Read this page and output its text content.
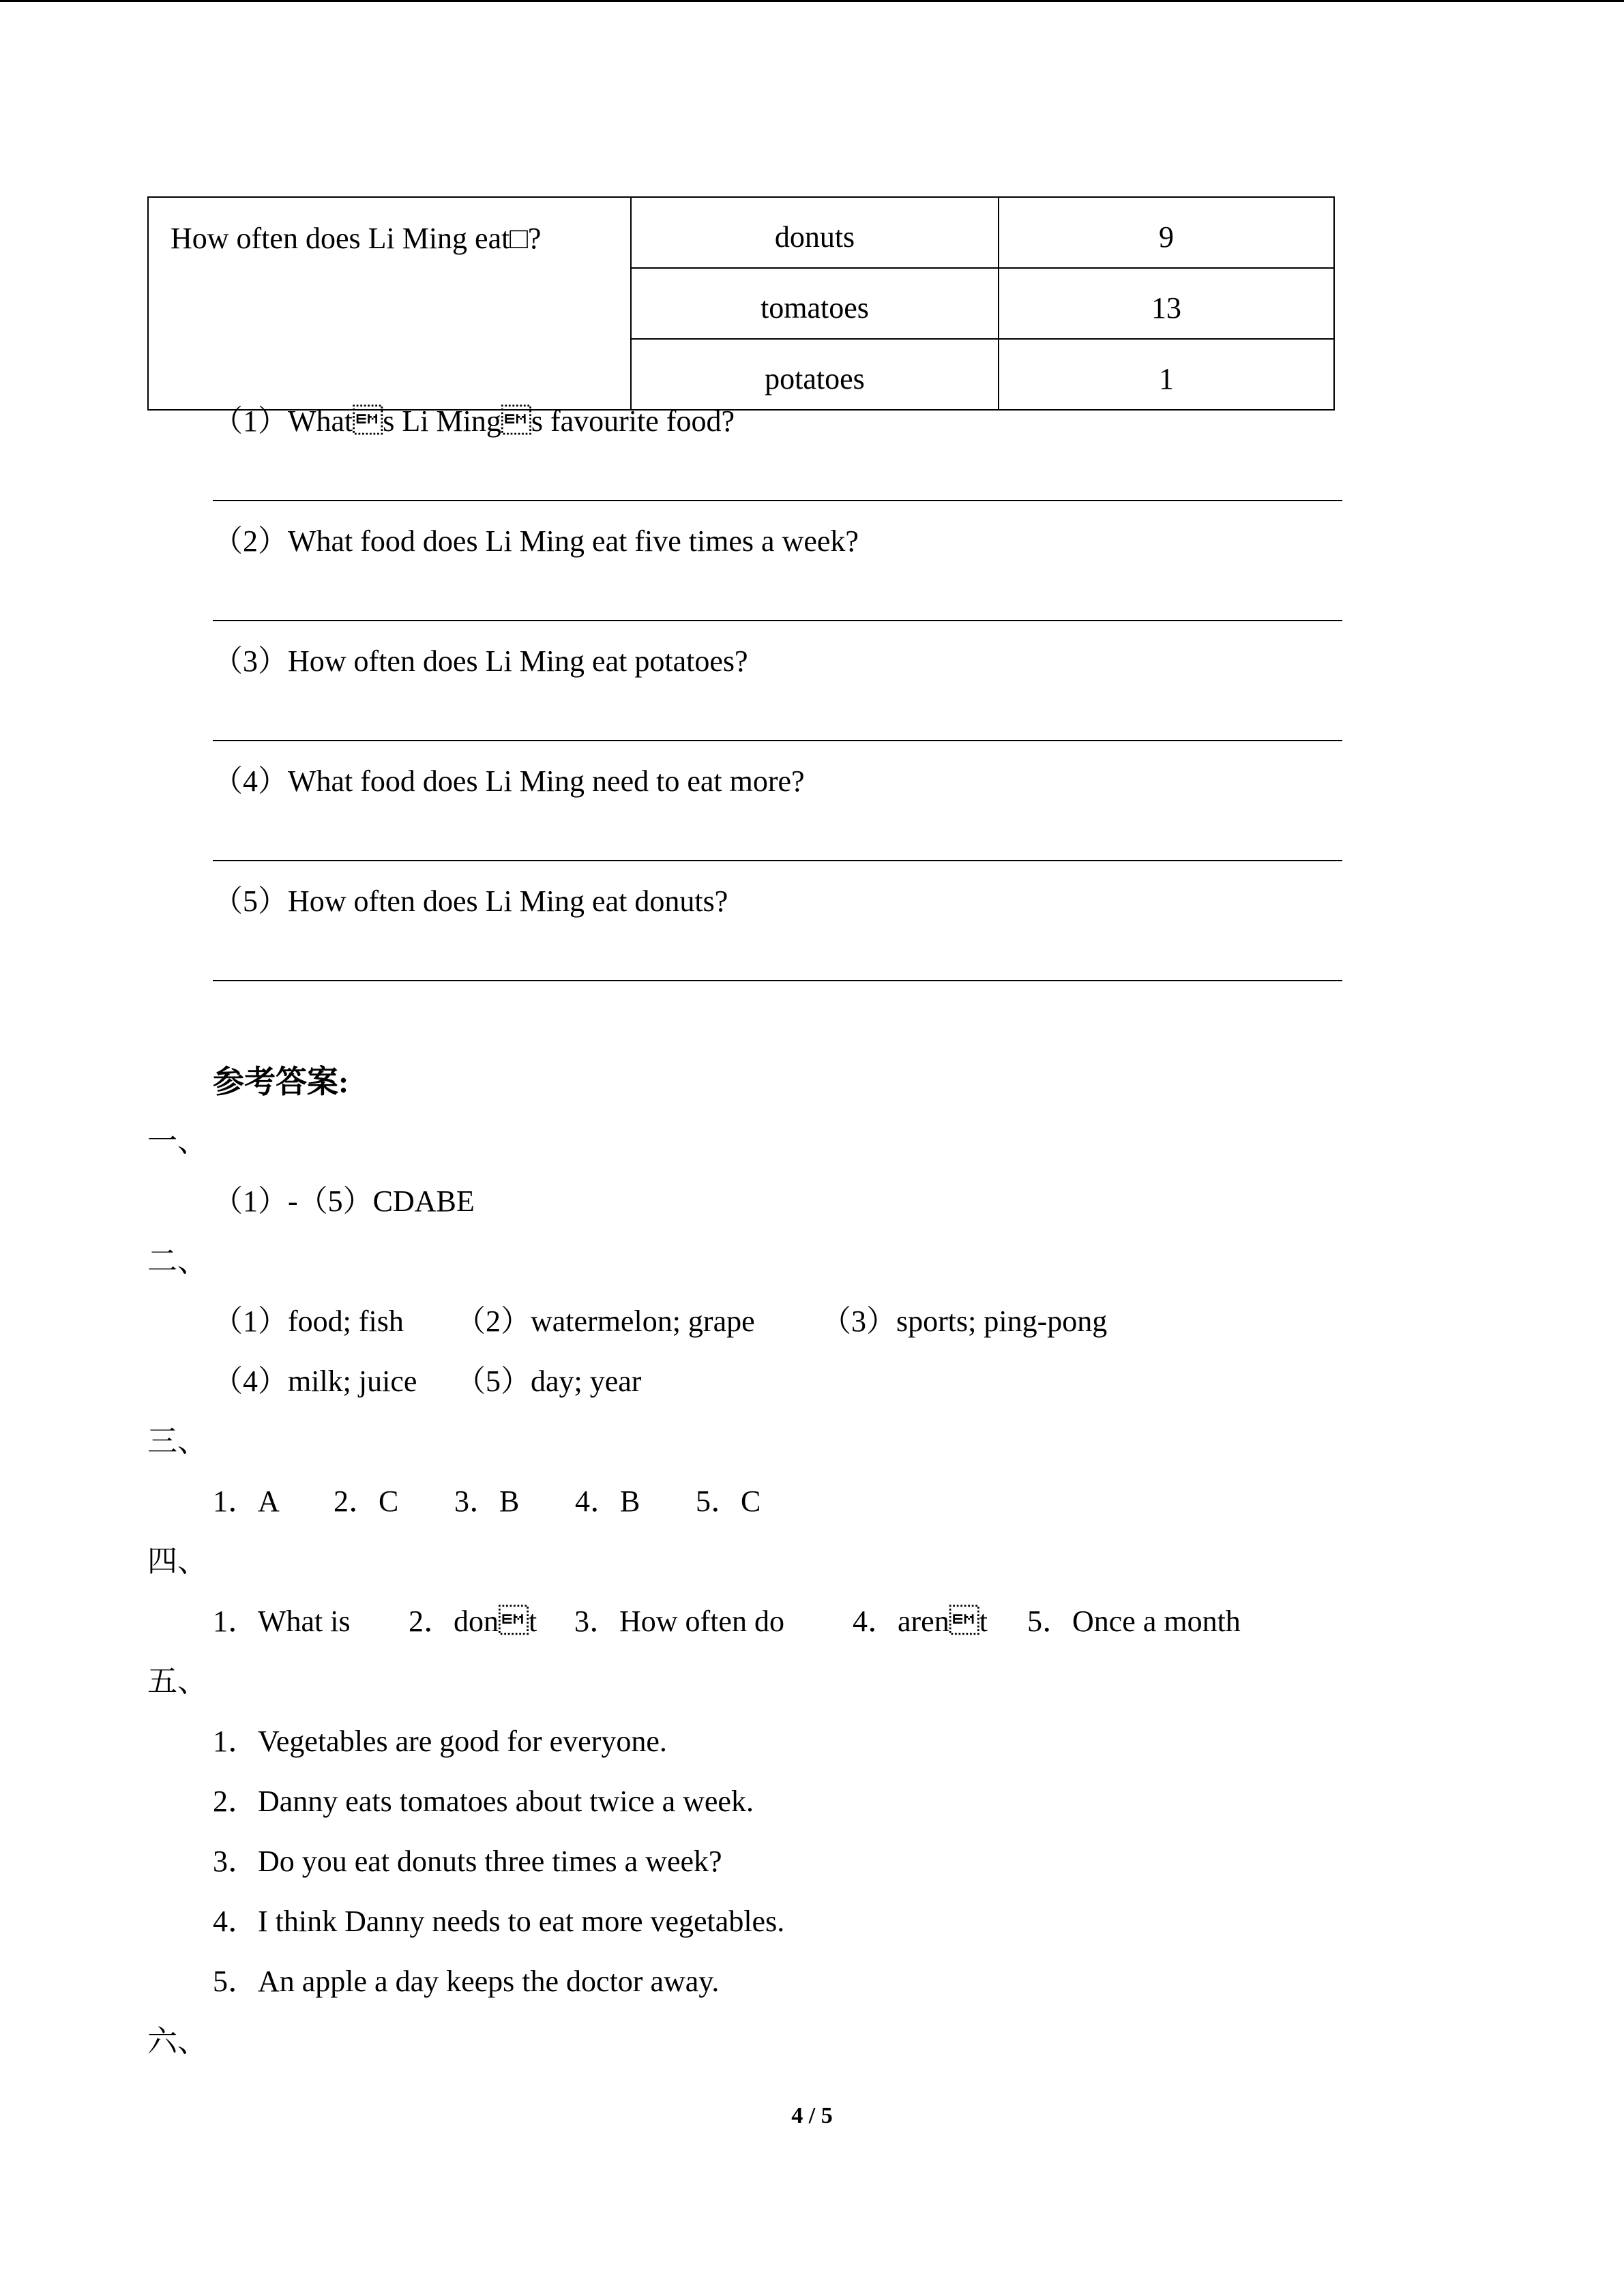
How often does Li Ming eat□?	donuts	9
	tomatoes	13
	potatoes	1
（1）Whats Li Mings favourite food?
（2）What food does Li Ming eat five times a week?
（3）How often does Li Ming eat potatoes?
（4）What food does Li Ming need to eat more?
（5）How often does Li Ming eat donuts?
参考答案:
一、
（1）-（5）CDABE
二、
（1）food; fish （2）watermelon; grape （3）sports; ping-pong
（4）milk; juice （5）day; year
三、
1．A 2．C 3．B 4．B 5．C
四、
1．What is 2．dont 3．How often do 4．arent 5．Once a month
五、
1．Vegetables are good for everyone.
2．Danny eats tomatoes about twice a week.
3．Do you eat donuts three times a week?
4．I think Danny needs to eat more vegetables.
5．An apple a day keeps the doctor away.
六、
4 / 5
